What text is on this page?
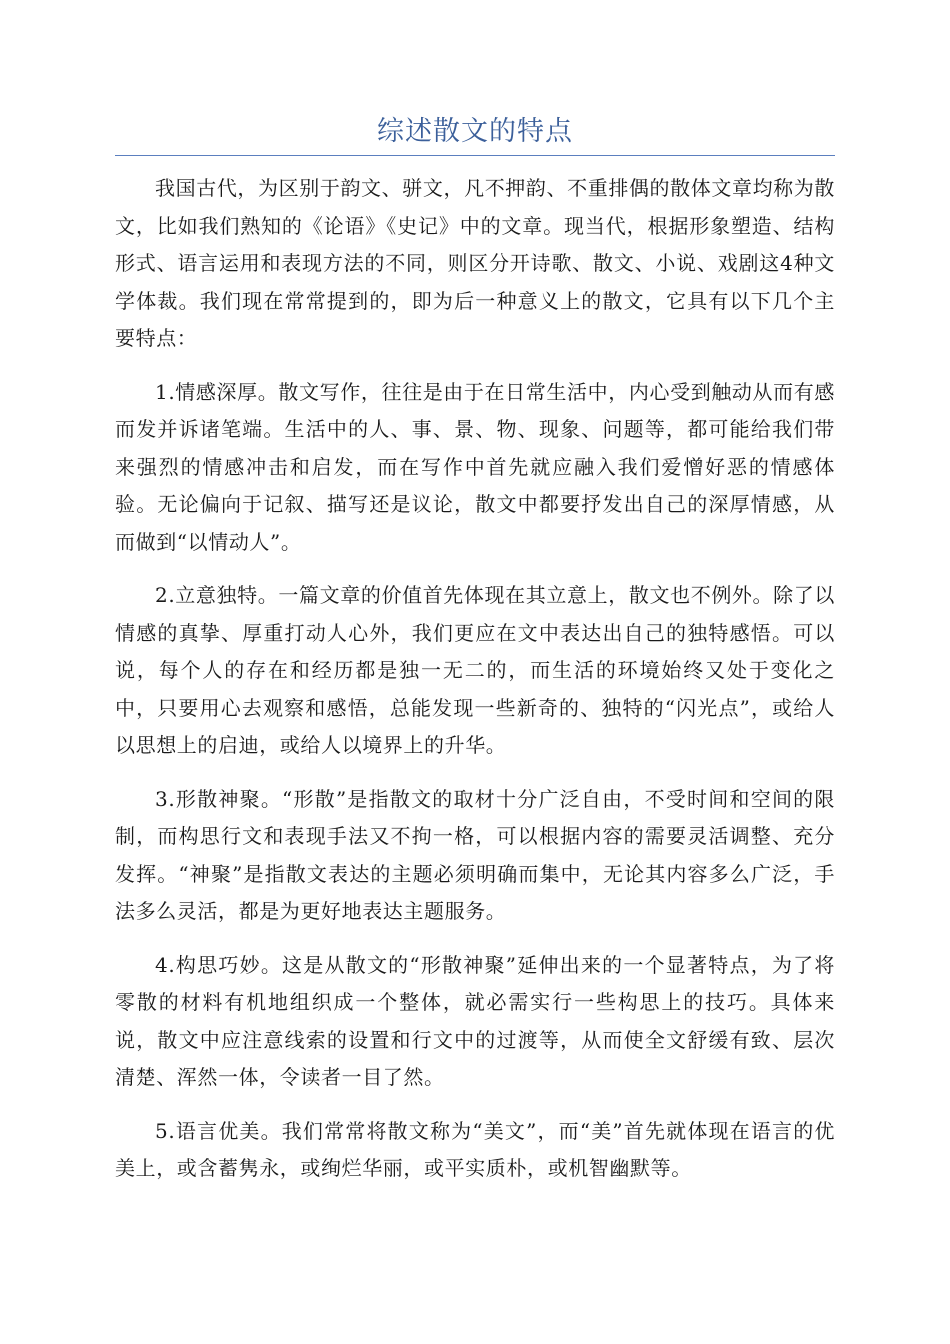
综述散文的特点

我国古代，为区别于韵文、骈文，凡不押韵、不重排偶的散体文章均称为散文，比如我们熟知的《论语》《史记》中的文章。现当代，根据形象塑造、结构形式、语言运用和表现方法的不同，则区分开诗歌、散文、小说、戏剧这4种文学体裁。我们现在常常提到的，即为后一种意义上的散文，它具有以下几个主要特点：

1.情感深厚。散文写作，往往是由于在日常生活中，内心受到触动从而有感而发并诉诸笔端。生活中的人、事、景、物、现象、问题等，都可能给我们带来强烈的情感冲击和启发，而在写作中首先就应融入我们爱憎好恶的情感体验。无论偏向于记叙、描写还是议论，散文中都要抒发出自己的深厚情感，从而做到“以情动人”。

2.立意独特。一篇文章的价值首先体现在其立意上，散文也不例外。除了以情感的真挚、厚重打动人心外，我们更应在文中表达出自己的独特感悟。可以说，每个人的存在和经历都是独一无二的，而生活的环境始终又处于变化之中，只要用心去观察和感悟，总能发现一些新奇的、独特的“闪光点”，或给人以思想上的启迪，或给人以境界上的升华。

3.形散神聚。“形散”是指散文的取材十分广泛自由，不受时间和空间的限制，而构思行文和表现手法又不拘一格，可以根据内容的需要灵活调整、充分发挥。“神聚”是指散文表达的主题必须明确而集中，无论其内容多么广泛，手法多么灵活，都是为更好地表达主题服务。

4.构思巧妙。这是从散文的“形散神聚”延伸出来的一个显著特点，为了将零散的材料有机地组织成一个整体，就必需实行一些构思上的技巧。具体来说，散文中应注意线索的设置和行文中的过渡等，从而使全文舒缓有致、层次清楚、浑然一体，令读者一目了然。

5.语言优美。我们常常将散文称为“美文”，而“美”首先就体现在语言的优美上，或含蓄隽永，或绚烂华丽，或平实质朴，或机智幽默等。
